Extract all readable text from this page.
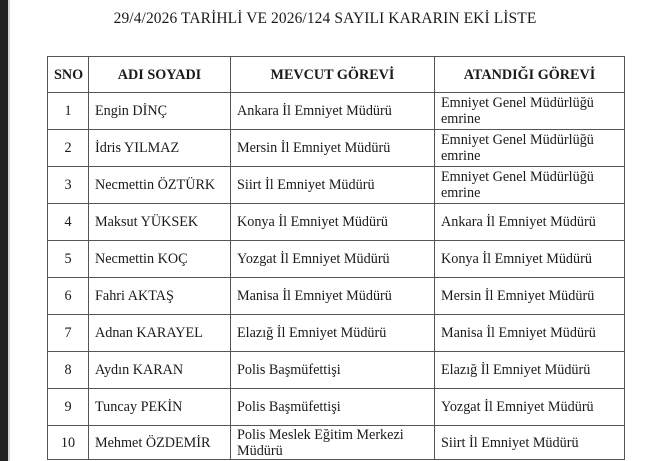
29/4/2026 TARİHLİ VE 2026/124 SAYILI KARARIN EKİ LİSTE
SNO	ADI SOYADI	MEVCUT GÖREVİ	ATANDIĞI GÖREVİ
1	Engin DİNÇ	Ankara İl Emniyet Müdürü	Emniyet Genel Müdürlüğü emrine
2	İdris YILMAZ	Mersin İl Emniyet Müdürü	Emniyet Genel Müdürlüğü emrine
3	Necmettin ÖZTÜRK	Siirt İl Emniyet Müdürü	Emniyet Genel Müdürlüğü emrine
4	Maksut YÜKSEK	Konya İl Emniyet Müdürü	Ankara İl Emniyet Müdürü
5	Necmettin KOÇ	Yozgat İl Emniyet Müdürü	Konya İl Emniyet Müdürü
6	Fahri AKTAŞ	Manisa İl Emniyet Müdürü	Mersin İl Emniyet Müdürü
7	Adnan KARAYEL	Elazığ İl Emniyet Müdürü	Manisa İl Emniyet Müdürü
8	Aydın KARAN	Polis Başmüfettişi	Elazığ İl Emniyet Müdürü
9	Tuncay PEKİN	Polis Başmüfettişi	Yozgat İl Emniyet Müdürü
10	Mehmet ÖZDEMİR	Polis Meslek Eğitim Merkezi Müdürü	Siirt İl Emniyet Müdürü
